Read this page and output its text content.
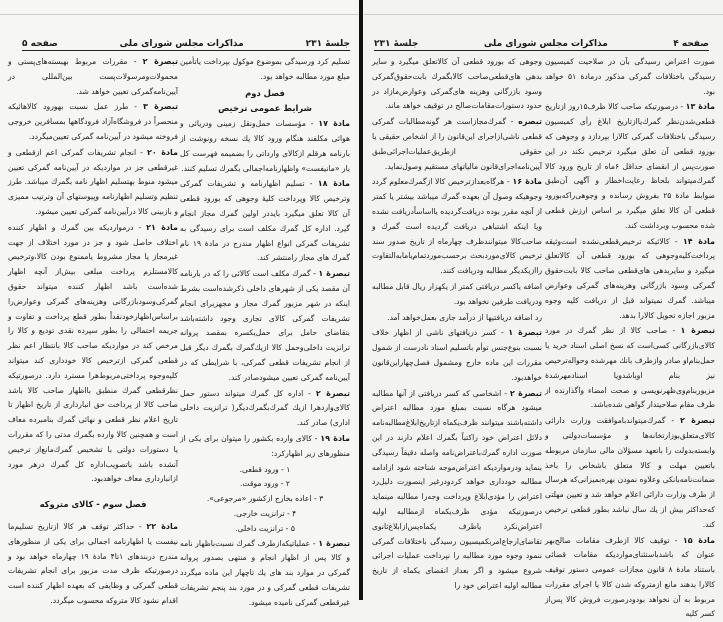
جلسهٔ ۲۳۱
مذاکرات مجلس شورای ملی
صفحه ۵
تسلیم کرد ورسیدگی بموضوع موکول بپرداخت یاتأمین مبلغ مورد مطالبه خواهد بود.
فصل دوم
شرایط عمومی ترخیص
مادهٔ ۱۷ - مؤسسات حمل‌ونقل زمینی ودریائی و هوائی مکلفند هنگام ورود کالا یك نسخه رونوشت از بارنامه هرقلم ازکالای وارداتی را بضمیمه فهرست کل بار «مانیفست» واظهارنامه‌اجمالی بگمرك تسلیم کنند.
مادهٔ ۱۸ - تسلیم اظهارنامه و تشریفات گمرکی وترخیص کالا وپرداخت کلیهٔ وجوهی که بورود قطعی آن کالا تعلق میگیرد بایددر اولین گمرك مجاز انجام گیرد. اداره کل گمرك مکلف است برای رسیدگی به تشریفات گمرکی انواع اظهار مندرج در مادهٔ ۱۹ نام گمرك های مجاز رامنتشر کند.
تبصرهٔ ۱ - گمرك مکلف است کالائی را که در بارنامه آن مقصد یکی از شهرهای داخلی ذکرشده‌است بشرط اینکه در شهر مزبور گمرك مجاز و مجهزبرای انجام تشریفات گمرکی کالای تجاری وجود داشته‌باشد بتقاضای حامل برای حمل‌یکسره بمقصد پروانه ترانزیت داخلی‌وحمل کالا ازیك‌گمرك بگمرك دیگر قبل از انجام تشریفات قطعی گمرکی، با شرایطی که در آیین‌نامه گمرکی تعیین میشودصادر کند.
تبصرهٔ ۲ - اداره کل گمرك میتواند دستور حمل کالای‌واردهرا ازیك گمرك‌بگمرك‌دیگر( ترانزیت داخلی اداری) صادر کند.
مادهٔ ۱۹ - کالای وارده بکشور را میتوان برای یکی از منظورهای زیر اظهارکرد:
۱ - ورود قطعی.
۲ - ورود موقت.
۳ - اعاده بخارج ازکشور «مرجوعی».
۴ - ترانزیت خارجی.
۵ - ترانزیت داخلی.
تبصرهٔ ۱ - عملیاتیکه‌ازطرف گمرك نسبت‌باظهار نامه و کالا پس از اظهار انجام و منتهی بصدور پروانه گمرکی در موارد بند های یك تاچهار این ماده میگردد تشریفات قطعی گمرکی و در مورد بند پنجم تشریفات غیرقطعی گمرکی نامیده میشود.
تبصرهٔ ۲ - مقررات مربوط بهبسته‌های‌پستی و محمولات‌ومرسولات‌پست بین‌المللی در آیین‌نامه‌گمرکی تعیین خواهد شد.
تبصرهٔ ۳ - طرز عمل نسبت بهورود کالاهائیکه منحصراً در فروشگاه‌آزاد فرودگاهها بمسافرین خروجی فروخته میشود در آیین‌نامه گمرکی تعیین‌میگردد.
مادهٔ ۲۰ - انجام تشریفات گمرکی اعم ازقطعی و غیرقطعی جز در مواردیکه در آیین‌نامه گمرکی تعیین میشود منوط بهتسلیم اظهار نامه بگمرك میباشد. طرز تنظیم وتسلیم اظهارنامه وپیوستهای آن وترتیب ممیزی و بازبینی کالا درآیین‌نامه گمرکی تعیین میشود.
مادهٔ ۲۱ - درمواردیکه بین گمرك و اظهار کننده اختلاف حاصل شود و جز در مورد اختلاف از جهت غیرمجاز یا مجاز مشروط یاممنوع بودن کالا،وترخیص کالامستلزم پرداخت مبلغی بیش‌از آنچه اظهار شده‌است باشد اظهار کننده میتواند حقوق گمرکی‌وسودبازرگانی وهزینه‌های گمرکی وعوارض‌را براساس‌اظهارخودنقداً بطور قطع پرداخت و تفاوت و جریمه احتمالی را بطور سپرده نقدی تودیع و کالا را مرخص کند در مواردیکه صاحب کالا بانتظار اعم نظر قطعی گمرکی ازترخیص کالا خودداری کند میتواند کلیه‌وجوه پرداختی‌مربوط‌هرا مسترد دارد. درصورتیکه نظرقطعی گمرك منطبق بااظهار صاحب کالا باشد صاحب کالا از پرداخت حق انبارداری از تاریخ اظهار تا تاریخ اعلام نظر قطعی و نهائی گمرك بنامبرده معاف است و همچنین کالا وارده بگمرك مدتی را که مقررات یا دستورات دولتی با تشخیص گمرك‌مانع‌از ترخیص آنشده باشد باتصویب‌اداره کل گمرك درهر مورد ازانبارداری معاف خواهدبود.
فصل سوم - کالای متروکه
مادهٔ ۲۲ - حداکثر توقف هر کالا ازتاریخ تسلیم‌ما نیفست یا اظهارنامه اجمالی برای یکی از منظورهای مندرج دربندهای ۱تا۴ مادهٔ ۱۹ چهارماه خواهد بود و درصورتیکه ظرف مدت مزبور برای انجام تشریفات قطعی گمرکی و وظایفی که بعهده اظهار کننده است اقدام نشود کالا متروکه محسوب میگردد.
صفحه ۴
مذاکرات مجلس شورای ملی
جلسهٔ ۲۳۱
صورت اعتراض رسیدگی بآن در صلاحیت کمیسیون رسیدگی باختلافات گمرکی مذکور درمادهٔ ۵۱ خواهد بود.
مادهٔ ۱۳ - درصورتیکه صاحب کالا ظرف۱۵روز ازتاریخ قطعی‌شدن‌نظر گمرك‌یاازتاریخ ابلاغ رأی کمیسیون رسیدگی باختلافات گمرکی کالارا بپردازد و وجوهی که بورود قطعی آن تعلق میگیرد ترخیص نکند در این صورت‌پس از انقضای حداقل ۶ماه از تاریخ ورود کالا گمرك‌میتواند بلحاظ رعایت‌اخطار و آگهی آن‌طبق ضوابط مادهٔ ۲۵ بفروش رسانده و وجوهی‌راکه‌بورود قطعی آن کالا تعلق میگیرد بر اساس ارزش قطعی شده محسوب وبرداشت کند.
مادهٔ ۱۴ - کالائیکه ترخیص‌قطعی‌نشده است‌وثیقه پرداخت‌کلیه‌وجوهی که بورود قطعی آن کالاتعلق میگیرد و سایربدهی های‌قطعی صاحب کالا بابت‌حقوق گمرکی وسود بازرگانی وهزینه‌های گمرکی وعوارض میباشد. گمرك نمیتواند قبل از دریافت کلیه وجوه مزبور اجازه تحویل کالارا بدهد.
تبصرهٔ ۱ - صاحب کالا از نظر گمرك در مورد کالای‌بازرگانی کسی‌است که نسخ اصلی اسناد خرید یا حمل‌بنام‌او صادر وازطرف بانك مهرشده وحواله‌ترخیص نیز بنام اوباشدویا اسنادمهرشدهٔ مزبوربنام‌وی‌ظهرنویسی و صحت امضاء واگذارنده از طرف مقام صلاحیتدار گواهی شده‌باشد.
تبصرهٔ ۲ - گمرك‌میتواند‌باموافقت وزارت دارائی کالای‌متعلق‌بوزارتخانه‌ها و مؤسسات‌دولتی و وابسته‌بدولت را باتعهد مسؤلان مالی سازمان مربوطه باتعیین مهلت و کالا متعلق باشخاص را باخذ ضمانت‌نامه‌بانکی وعلاوه نمودن بهره‌بمیزانی‌که هرسال از طرف وزارت دارائی اعلام خواهد شد و تعیین مهلتی که‌حداکثر بیش از یك سال نباشد بطور قطعی ترخیص کند.
مادهٔ ۱۵ - توقیف کالا ازطرف مقامات صالح‌بهر عنوان که باشدباستثنای‌مواردیکه مقامات قضائی باستناد مادهٔ ۸ قانون مجازات عمومی دستور توقیف کالارا بدهند مانع ازمتروکه شدن کالا یا اجرای مقررات مربوط به آن نخواهد بودودرصورت فروش کالا پس‌از کسر کلیه
وجوهی که بورود قطعی آن کالاتعلق میگیرد و سایر بدهی های‌قطعی‌صاحب کالابگمرك بابت‌حقوق‌گمرکی وسود بازرگانی وهزینه های‌گمرکی وعوارض‌مازاد در حدود دستورات‌مقامات‌صالح در توقیف خواهد ماند.
تبصره - گمرك‌مجاز‌است هر گونه‌مطالبات گمرکی قطعی ناشی‌ازاجرای این‌قانون را از اشخاص حقیقی یا حقوقی ازطریق‌عملیات‌اجرائی‌طبق آیین‌نامه‌اجرای‌قانون مالیاتهای مستقیم وصول‌نماید.
مادهٔ ۱۶ - هرگاه‌بعدازترخیص کالا ازگمرك‌معلوم گردد وجوهیکه وصول آن بعهده گمرك میباشد بیشتر یا کمتر از آنچه مقرر بوده دریافت‌گردیده یااساساًدریافت نشده ویا اینکه اشتباهی دریافت گردیده است گمرك و صاحب‌کالا میتوانندظرف چهارماه از تاریخ صدور سند ترخیص کالای‌موردبحث برحسب‌مورد‌تمام‌یامابه‌التفاوت رااز‌یکدیگر مطالبه ودریافت کنند.
اضافه یاکسر دریافتی کمتر از یکهزار ریال قابل مطالبه ودریافت طرفین نخواهد بود.
رد اضافه دریافتیها از درآمد جاری بعمل‌خواهد آمد.
تبصرهٔ ۱ - کسر دریافتهای ناشی از اظهار خلاف نسبت بنوع‌جنس توأم باتسلیم اسناد نادرست از شمول مقررات این ماده خارج ومشمول فصل‌چهاراین‌قانون خواهدبود.
تبصرهٔ ۲ - اشخاصی که کسر دریافتی از آنها مطالبه میشود هرگاه نسبت بمبلغ مورد مطالبه اعتراض داشته‌باشند میتوانند ظرف‌یکماه ازتاریخ‌ابلاغ‌مطالبه‌نامه دلائل اعتراض خود راکتباً بگمرك اعلام دارند در این صورت اداره گمرك‌باعتراض‌نامه واصله دقیقاً رسیدگی بنماید ودرمواردیکه اعتراض‌موجه شناخته شود ازادامه مطالبه خودداری خواهد کرد‌ودرغیر اینصورت دلیل‌رد اعتراض را مؤدی‌ابلاغ وپرداخت وجه‌را مطالبه مینماید درصورتیکه مؤدی ظرف‌یکماه ازمطالبه اولیه اعتراض‌نکرد یاظرف یکماه‌پس‌ازابلاغ‌ثانوی تقاضای‌ارجاع‌امربکمیسیون رسیدگی باختلافات گمرکی ننمود وجوه مورد مطالبه را نپرداخت عملیات اجرائی شروع میشود و اگر بعداز انقضای یکماه از تاریخ مطالبه اولیه اعتراض خود را
